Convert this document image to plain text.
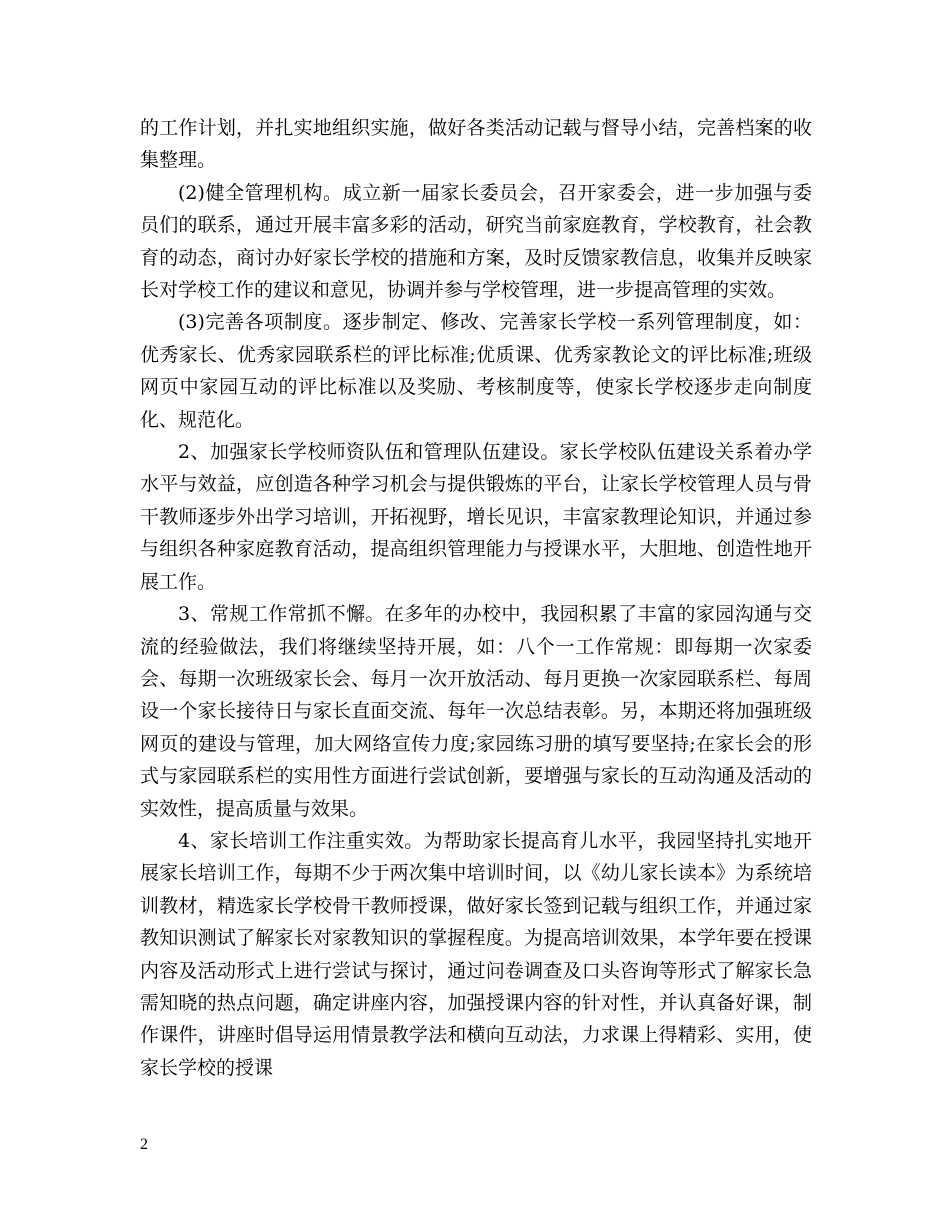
的工作计划，并扎实地组织实施，做好各类活动记载与督导小结，完善档案的收集整理。

(2)健全管理机构。成立新一届家长委员会，召开家委会，进一步加强与委员们的联系，通过开展丰富多彩的活动，研究当前家庭教育，学校教育，社会教育的动态，商讨办好家长学校的措施和方案，及时反馈家教信息，收集并反映家长对学校工作的建议和意见，协调并参与学校管理，进一步提高管理的实效。

(3)完善各项制度。逐步制定、修改、完善家长学校一系列管理制度，如：优秀家长、优秀家园联系栏的评比标准;优质课、优秀家教论文的评比标准;班级网页中家园互动的评比标准以及奖励、考核制度等，使家长学校逐步走向制度化、规范化。

2、加强家长学校师资队伍和管理队伍建设。家长学校队伍建设关系着办学水平与效益，应创造各种学习机会与提供锻炼的平台，让家长学校管理人员与骨干教师逐步外出学习培训，开拓视野，增长见识，丰富家教理论知识，并通过参与组织各种家庭教育活动，提高组织管理能力与授课水平，大胆地、创造性地开展工作。

3、常规工作常抓不懈。在多年的办校中，我园积累了丰富的家园沟通与交流的经验做法，我们将继续坚持开展，如：八个一工作常规：即每期一次家委会、每期一次班级家长会、每月一次开放活动、每月更换一次家园联系栏、每周设一个家长接待日与家长直面交流、每年一次总结表彰。另，本期还将加强班级网页的建设与管理，加大网络宣传力度;家园练习册的填写要坚持;在家长会的形式与家园联系栏的实用性方面进行尝试创新，要增强与家长的互动沟通及活动的实效性，提高质量与效果。

4、家长培训工作注重实效。为帮助家长提高育儿水平，我园坚持扎实地开展家长培训工作，每期不少于两次集中培训时间，以《幼儿家长读本》为系统培训教材，精选家长学校骨干教师授课，做好家长签到记载与组织工作，并通过家教知识测试了解家长对家教知识的掌握程度。为提高培训效果，本学年要在授课内容及活动形式上进行尝试与探讨，通过问卷调查及口头咨询等形式了解家长急需知晓的热点问题，确定讲座内容，加强授课内容的针对性，并认真备好课，制作课件，讲座时倡导运用情景教学法和横向互动法，力求课上得精彩、实用，使家长学校的授课

2
